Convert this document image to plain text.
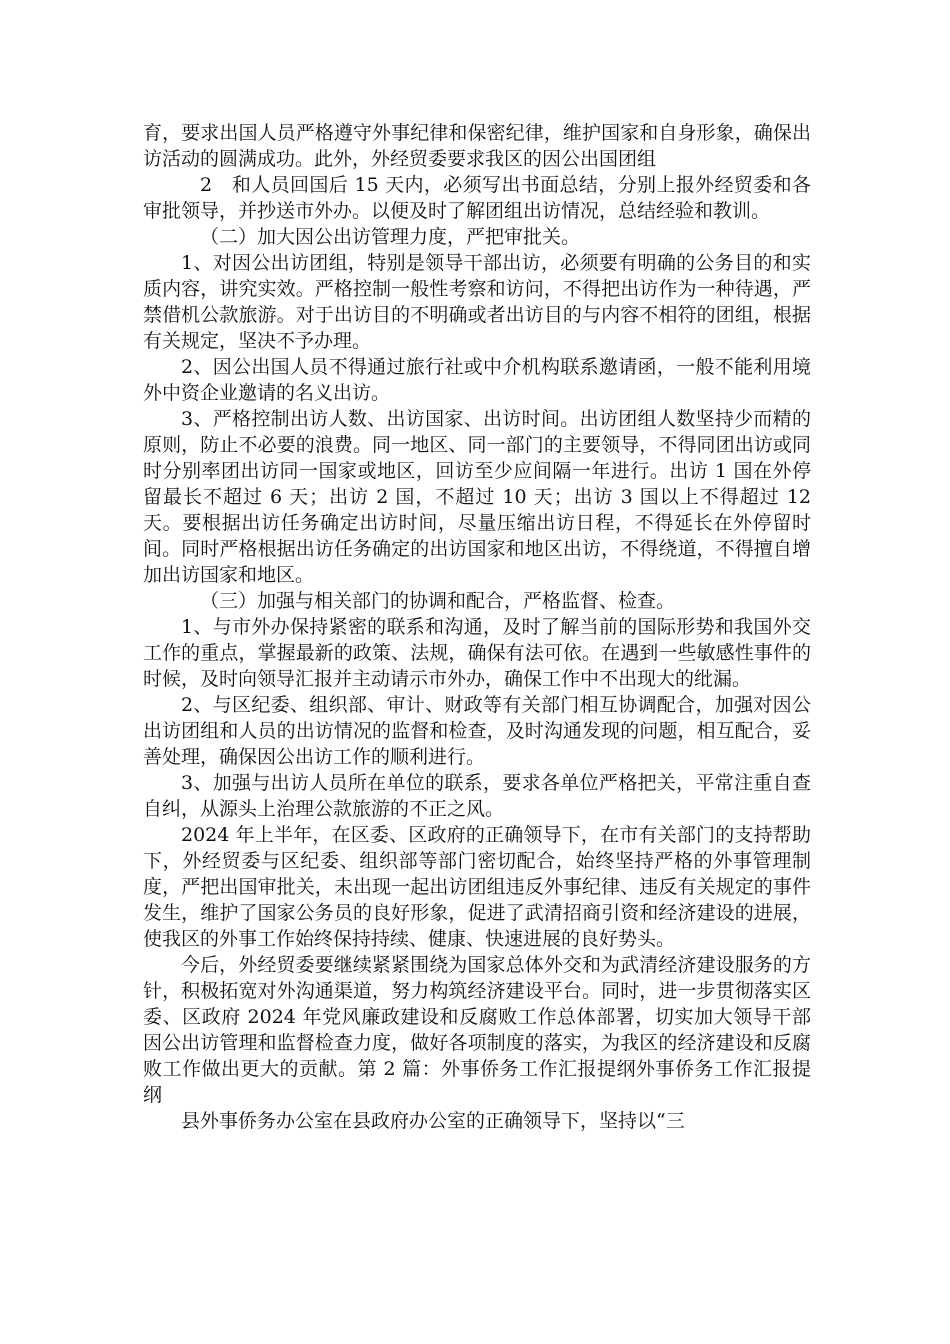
育，要求出国人员严格遵守外事纪律和保密纪律，维护国家和自身形象，确保出访活动的圆满成功。此外，外经贸委要求我区的因公出国团组

2　和人员回国后 15 天内，必须写出书面总结，分别上报外经贸委和各审批领导，并抄送市外办。以便及时了解团组出访情况，总结经验和教训。

（二）加大因公出访管理力度，严把审批关。

1、对因公出访团组，特别是领导干部出访，必须要有明确的公务目的和实质内容，讲究实效。严格控制一般性考察和访问，不得把出访作为一种待遇，严禁借机公款旅游。对于出访目的不明确或者出访目的与内容不相符的团组，根据有关规定，坚决不予办理。

2、因公出国人员不得通过旅行社或中介机构联系邀请函，一般不能利用境外中资企业邀请的名义出访。

3、严格控制出访人数、出访国家、出访时间。出访团组人数坚持少而精的原则，防止不必要的浪费。同一地区、同一部门的主要领导，不得同团出访或同时分别率团出访同一国家或地区，回访至少应间隔一年进行。出访 1 国在外停留最长不超过 6 天；出访 2 国，不超过 10 天；出访 3 国以上不得超过 12 天。要根据出访任务确定出访时间，尽量压缩出访日程，不得延长在外停留时间。同时严格根据出访任务确定的出访国家和地区出访，不得绕道，不得擅自增加出访国家和地区。

（三）加强与相关部门的协调和配合，严格监督、检查。

1、与市外办保持紧密的联系和沟通，及时了解当前的国际形势和我国外交工作的重点，掌握最新的政策、法规，确保有法可依。在遇到一些敏感性事件的时候，及时向领导汇报并主动请示市外办，确保工作中不出现大的纰漏。

2、与区纪委、组织部、审计、财政等有关部门相互协调配合，加强对因公出访团组和人员的出访情况的监督和检查，及时沟通发现的问题，相互配合，妥善处理，确保因公出访工作的顺利进行。

3、加强与出访人员所在单位的联系，要求各单位严格把关，平常注重自查自纠，从源头上治理公款旅游的不正之风。

2024 年上半年，在区委、区政府的正确领导下，在市有关部门的支持帮助下，外经贸委与区纪委、组织部等部门密切配合，始终坚持严格的外事管理制度，严把出国审批关，未出现一起出访团组违反外事纪律、违反有关规定的事件发生，维护了国家公务员的良好形象，促进了武清招商引资和经济建设的进展，使我区的外事工作始终保持持续、健康、快速进展的良好势头。

今后，外经贸委要继续紧紧围绕为国家总体外交和为武清经济建设服务的方针，积极拓宽对外沟通渠道，努力构筑经济建设平台。同时，进一步贯彻落实区委、区政府 2024 年党风廉政建设和反腐败工作总体部署，切实加大领导干部因公出访管理和监督检查力度，做好各项制度的落实，为我区的经济建设和反腐败工作做出更大的贡献。第 2 篇：外事侨务工作汇报提纲外事侨务工作汇报提纲

县外事侨务办公室在县政府办公室的正确领导下，坚持以“三
